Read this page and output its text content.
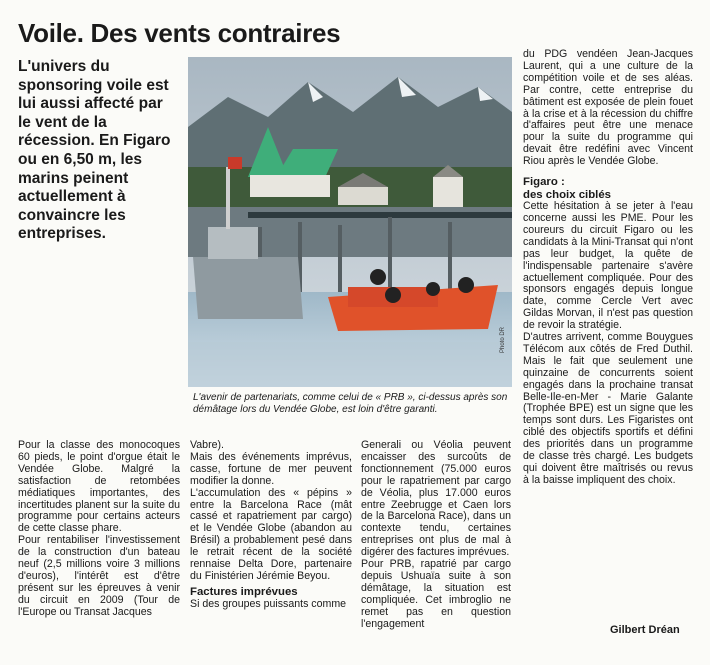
Voile. Des vents contraires
L'univers du sponsoring voile est lui aussi affecté par le vent de la récession. En Figaro ou en 6,50 m, les marins peinent actuellement à convaincre les entreprises.
Photo DR
L'avenir de partenariats, comme celui de « PRB », ci-dessus après son démâtage lors du Vendée Globe, est loin d'être garanti.

du PDG vendéen Jean-Jacques Laurent, qui a une culture de la compétition voile et de ses aléas. Par contre, cette entreprise du bâtiment est exposée de plein fouet à la crise et à la récession du chiffre d'affaires peut être une menace pour la suite du programme qui devait être redéfini avec Vincent Riou après le Vendée Globe.

Figaro :

des choix ciblés

Cette hésitation à se jeter à l'eau concerne aussi les PME. Pour les coureurs du circuit Figaro ou les candidats à la Mini-Transat qui n'ont pas leur budget, la quête de l'indispensable partenaire s'avère actuellement compliquée. Pour des sponsors engagés depuis longue date, comme Cercle Vert avec Gildas Morvan, il n'est pas question de revoir la stratégie.

D'autres arrivent, comme Bouygues Télécom aux côtés de Fred Duthil. Mais le fait que seulement une quinzaine de concurrents soient engagés dans la prochaine transat Belle-Ile-en-Mer - Marie Galante (Trophée BPE) est un signe que les temps sont durs. Les Figaristes ont ciblé des objectifs sportifs et défini des priorités dans un programme de classe très chargé. Les budgets qui doivent être maîtrisés ou revus à la baisse impliquent des choix.

Pour la classe des monocoques 60 pieds, le point d'orgue était le Vendée Globe. Malgré la satisfaction de retombées médiatiques importantes, des incertitudes planent sur la suite du programme pour certains acteurs de cette classe phare.

Pour rentabiliser l'investissement de la construction d'un bateau neuf (2,5 millions voire 3 millions d'euros), l'intérêt est d'être présent sur les épreuves à venir du circuit en 2009 (Tour de l'Europe ou Transat Jacques

Vabre).

Mais des événements imprévus, casse, fortune de mer peuvent modifier la donne.

L'accumulation des « pépins » entre la Barcelona Race (mât cassé et rapatriement par cargo) et le Vendée Globe (abandon au Brésil) a probablement pesé dans le retrait récent de la société rennaise Delta Dore, partenaire du Finistérien Jérémie Beyou.

Factures imprévues

Si des groupes puissants comme

Generali ou Véolia peuvent encaisser des surcoûts de fonctionnement (75.000 euros pour le rapatriement par cargo de Véolia, plus 17.000 euros entre Zeebrugge et Caen lors de la Barcelona Race), dans un contexte tendu, certaines entreprises ont plus de mal à digérer des factures imprévues.

Pour PRB, rapatrié par cargo depuis Ushuaïa suite à son démâtage, la situation est compliquée. Cet imbroglio ne remet pas en question l'engagement

Gilbert Dréan
